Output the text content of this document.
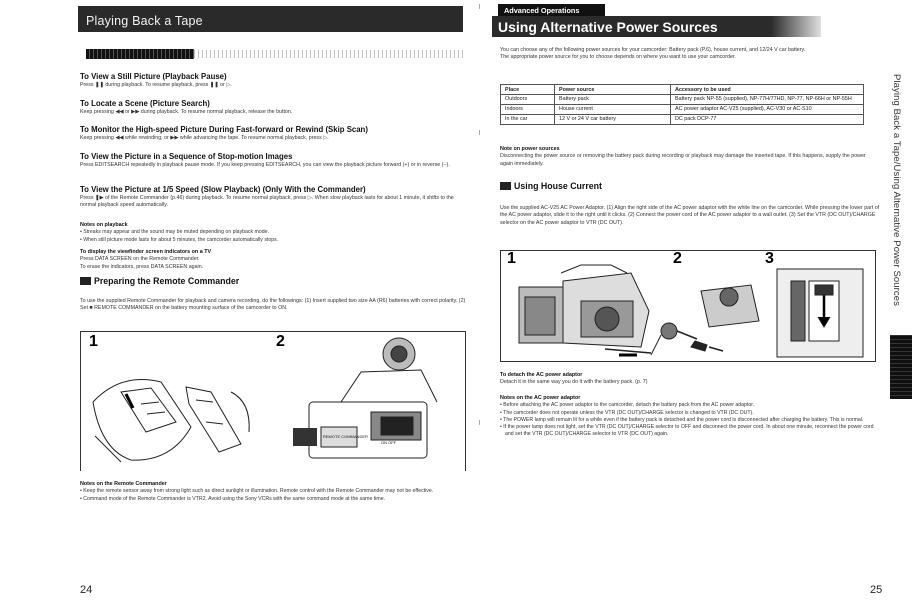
Playing Back a Tape
To View a Still Picture (Playback Pause)
Press ❚❚ during playback. To resume playback, press ❚❚ or ▷.
To Locate a Scene (Picture Search)
Keep pressing ◀◀ or ▶▶ during playback. To resume normal playback, release the button.
To Monitor the High-speed Picture During Fast-forward or Rewind (Skip Scan)
Keep pressing ◀◀ while rewinding, or ▶▶ while advancing the tape. To resume normal playback, press ▷.
To View the Picture in a Sequence of Stop-motion Images
Press EDITSEARCH repeatedly in playback pause mode. If you keep pressing EDITSEARCH, you can view the playback picture forward (+) or in reverse (−).
To View the Picture at 1/5 Speed (Slow Playback) (Only With the Commander)
Press ❚▶ of the Remote Commander (p.46) during playback. To resume normal playback, press ▷. When slow playback lasts for about 1 minute, it shifts to the normal playback speed automatically.
Notes on playback
• Streaks may appear and the sound may be muted depending on playback mode.
• When still picture mode lasts for about 5 minutes, the camcorder automatically stops.
To display the viewfinder screen indicators on a TV
Press DATA SCREEN on the Remote Commander.
To erase the indicators, press DATA SCREEN again.
Preparing the Remote Commander
To use the supplied Remote Commander for playback and camera recording, do the followings: (1) Insert supplied two size AA (R6) batteries with correct polarity. (2) Set ■ REMOTE COMMANDER on the battery mounting surface of the camcorder to ON.
1	2
REMOTE COMMANDER
ON OFF
Notes on the Remote Commander
• Keep the remote sensor away from strong light such as direct sunlight or illumination. Remote control with the Remote Commander may not be effective.
• Command mode of the Remote Commander is VTR2. Avoid using the Sony VCRs with the same command mode at the same time.
24
Advanced Operations
Using Alternative Power Sources
You can choose any of the following power sources for your camcorder: Battery pack (P.6), house current, and 12/24 V car battery.
The appropriate power source for you to choose depends on where you want to use your camcorder.
Place	Power source	Accessory to be used
Outdoors	Battery pack	Battery pack NP-55 (supplied), NP-77H/77HD, NP-77, NP-66H or NP-55H
Indoors	House current	AC power adaptor AC-V25 (supplied), AC-V30 or AC-S10
In the car	12 V or 24 V car battery	DC pack DCP-77
Note on power sources
Disconnecting the power source or removing the battery pack during recording or playback may damage the inserted tape. If this happens, supply the power again immediately.
Using House Current
Use the supplied AC-V25 AC Power Adaptor. (1) Align the right side of the AC power adaptor with the white line on the camcorder. While pressing the lower part of the AC power adaptor, slide it to the right until it clicks. (2) Connect the power cord of the AC power adaptor to a wall outlet. (3) Set the VTR (DC OUT)/CHARGE selector on the AC power adaptor to VTR (DC OUT).
1	2	3
To detach the AC power adaptor
Detach it in the same way you do it with the battery pack. (p. 7)
Notes on the AC power adaptor
• Before attaching the AC power adaptor to the camcorder, detach the battery pack from the AC power adaptor.
• The camcorder does not operate unless the VTR (DC OUT)/CHARGE selector is changed to VTR (DC OUT).
• The POWER lamp will remain lit for a while even if the battery pack is detached and the power cord is disconnected after charging the battery. This is normal.
• If the power lamp does not light, set the VTR (DC OUT)/CHARGE selector to OFF and disconnect the power cord. In about one minute, reconnect the power cord and set the VTR (DC OUT)/CHARGE selector to VTR (DC OUT) again.
Playing Back a Tape/Using Alternative Power Sources
25
